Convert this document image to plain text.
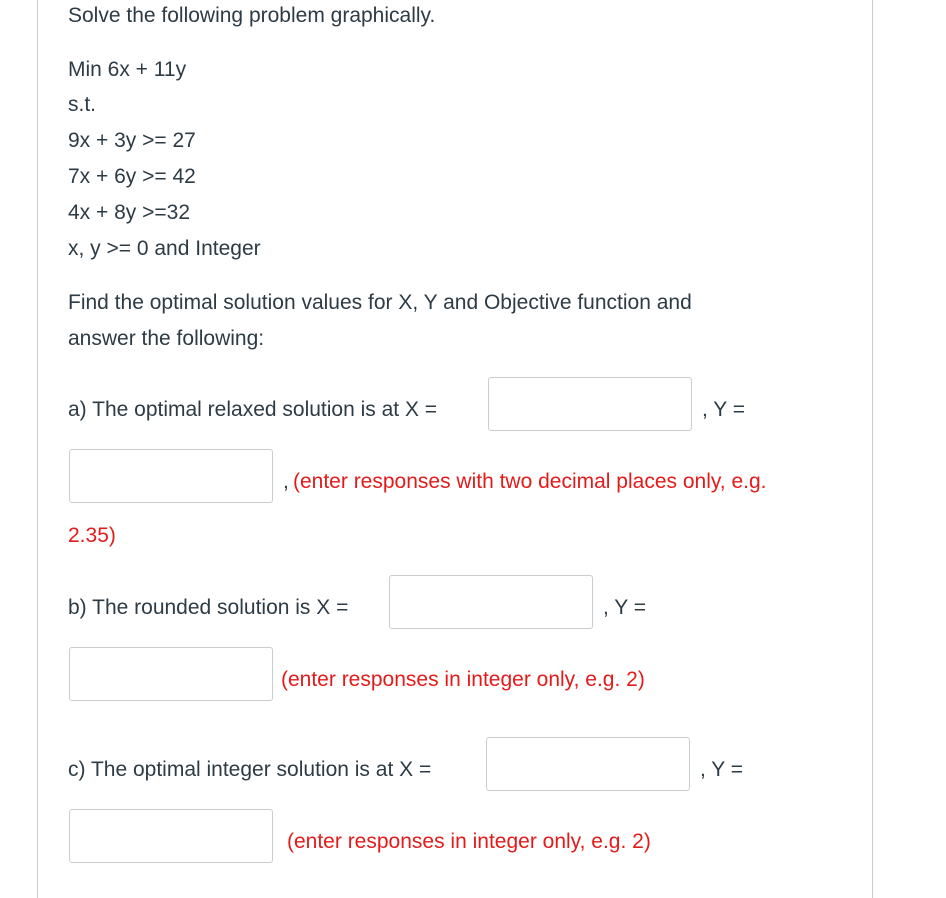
Solve the following problem graphically.
Min 6x + 11y
s.t.
9x + 3y >= 27
7x + 6y >= 42
4x + 8y >=32
x, y >= 0 and Integer
Find the optimal solution values for X, Y and Objective function and
answer the following:
a) The optimal relaxed solution is at X =	, Y =
, (enter responses with two decimal places only, e.g.
2.35)
b) The rounded solution is X =	, Y =
(enter responses in integer only, e.g. 2)
c) The optimal integer solution is at X =	, Y =
(enter responses in integer only, e.g. 2)
